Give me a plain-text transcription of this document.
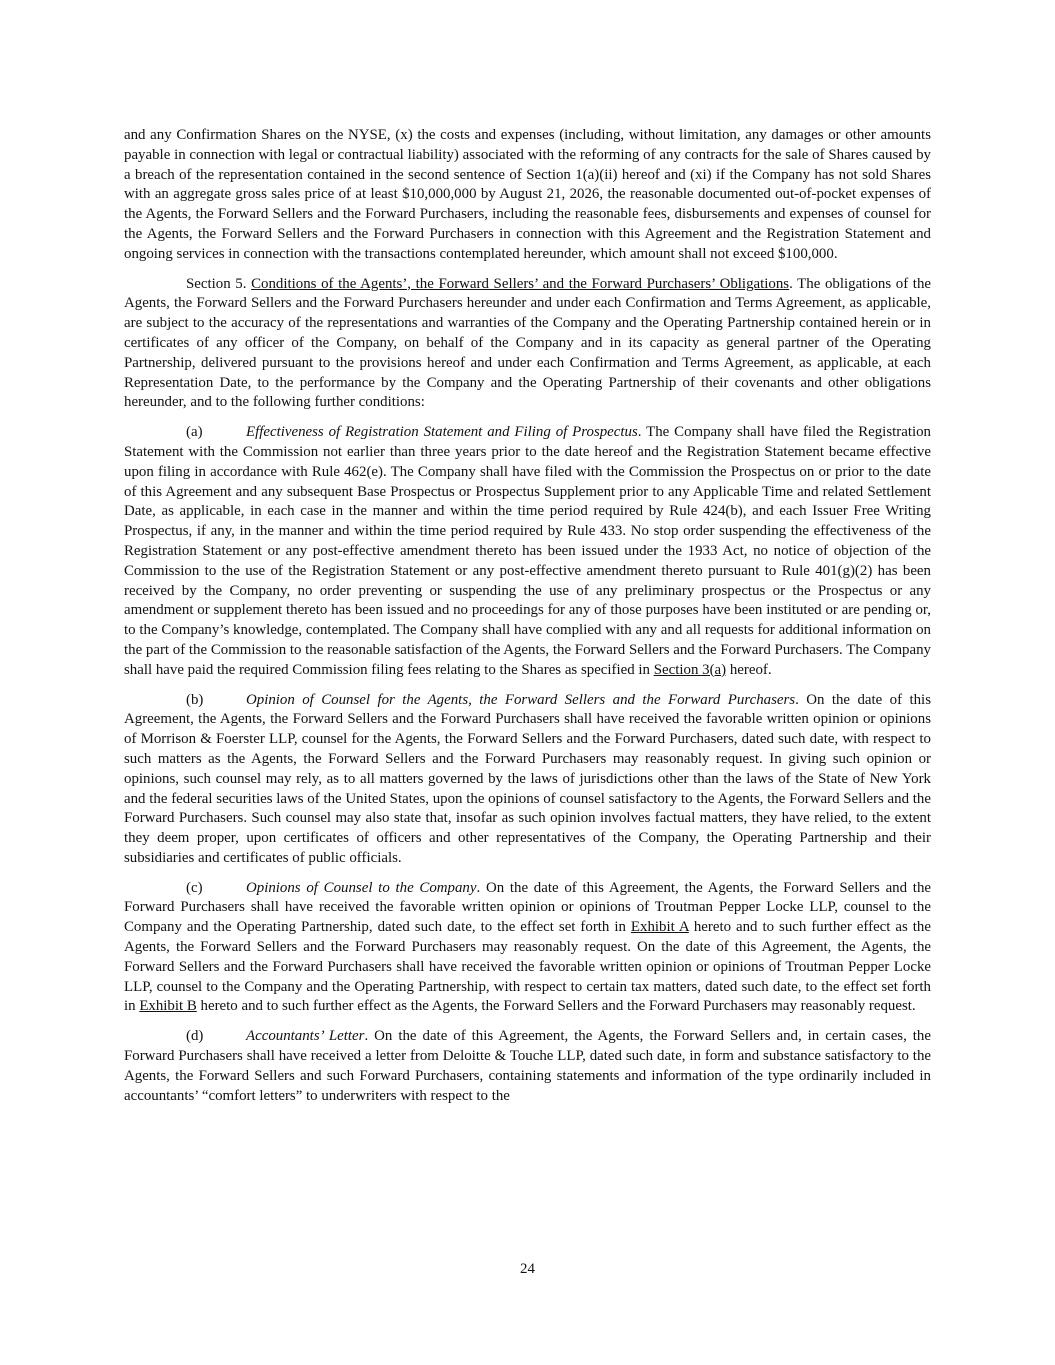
and any Confirmation Shares on the NYSE, (x) the costs and expenses (including, without limitation, any damages or other amounts payable in connection with legal or contractual liability) associated with the reforming of any contracts for the sale of Shares caused by a breach of the representation contained in the second sentence of Section 1(a)(ii) hereof and (xi) if the Company has not sold Shares with an aggregate gross sales price of at least $10,000,000 by August 21, 2026, the reasonable documented out-of-pocket expenses of the Agents, the Forward Sellers and the Forward Purchasers, including the reasonable fees, disbursements and expenses of counsel for the Agents, the Forward Sellers and the Forward Purchasers in connection with this Agreement and the Registration Statement and ongoing services in connection with the transactions contemplated hereunder, which amount shall not exceed $100,000.

Section 5. Conditions of the Agents’, the Forward Sellers’ and the Forward Purchasers’ Obligations. The obligations of the Agents, the Forward Sellers and the Forward Purchasers hereunder and under each Confirmation and Terms Agreement, as applicable, are subject to the accuracy of the representations and warranties of the Company and the Operating Partnership contained herein or in certificates of any officer of the Company, on behalf of the Company and in its capacity as general partner of the Operating Partnership, delivered pursuant to the provisions hereof and under each Confirmation and Terms Agreement, as applicable, at each Representation Date, to the performance by the Company and the Operating Partnership of their covenants and other obligations hereunder, and to the following further conditions:

(a)	Effectiveness of Registration Statement and Filing of Prospectus. The Company shall have filed the Registration Statement with the Commission not earlier than three years prior to the date hereof and the Registration Statement became effective upon filing in accordance with Rule 462(e). The Company shall have filed with the Commission the Prospectus on or prior to the date of this Agreement and any subsequent Base Prospectus or Prospectus Supplement prior to any Applicable Time and related Settlement Date, as applicable, in each case in the manner and within the time period required by Rule 424(b), and each Issuer Free Writing Prospectus, if any, in the manner and within the time period required by Rule 433. No stop order suspending the effectiveness of the Registration Statement or any post-effective amendment thereto has been issued under the 1933 Act, no notice of objection of the Commission to the use of the Registration Statement or any post-effective amendment thereto pursuant to Rule 401(g)(2) has been received by the Company, no order preventing or suspending the use of any preliminary prospectus or the Prospectus or any amendment or supplement thereto has been issued and no proceedings for any of those purposes have been instituted or are pending or, to the Company’s knowledge, contemplated. The Company shall have complied with any and all requests for additional information on the part of the Commission to the reasonable satisfaction of the Agents, the Forward Sellers and the Forward Purchasers. The Company shall have paid the required Commission filing fees relating to the Shares as specified in Section 3(a) hereof.

(b)	Opinion of Counsel for the Agents, the Forward Sellers and the Forward Purchasers. On the date of this Agreement, the Agents, the Forward Sellers and the Forward Purchasers shall have received the favorable written opinion or opinions of Morrison & Foerster LLP, counsel for the Agents, the Forward Sellers and the Forward Purchasers, dated such date, with respect to such matters as the Agents, the Forward Sellers and the Forward Purchasers may reasonably request. In giving such opinion or opinions, such counsel may rely, as to all matters governed by the laws of jurisdictions other than the laws of the State of New York and the federal securities laws of the United States, upon the opinions of counsel satisfactory to the Agents, the Forward Sellers and the Forward Purchasers. Such counsel may also state that, insofar as such opinion involves factual matters, they have relied, to the extent they deem proper, upon certificates of officers and other representatives of the Company, the Operating Partnership and their subsidiaries and certificates of public officials.

(c)	Opinions of Counsel to the Company. On the date of this Agreement, the Agents, the Forward Sellers and the Forward Purchasers shall have received the favorable written opinion or opinions of Troutman Pepper Locke LLP, counsel to the Company and the Operating Partnership, dated such date, to the effect set forth in Exhibit A hereto and to such further effect as the Agents, the Forward Sellers and the Forward Purchasers may reasonably request. On the date of this Agreement, the Agents, the Forward Sellers and the Forward Purchasers shall have received the favorable written opinion or opinions of Troutman Pepper Locke LLP, counsel to the Company and the Operating Partnership, with respect to certain tax matters, dated such date, to the effect set forth in Exhibit B hereto and to such further effect as the Agents, the Forward Sellers and the Forward Purchasers may reasonably request.

(d)	Accountants’ Letter. On the date of this Agreement, the Agents, the Forward Sellers and, in certain cases, the Forward Purchasers shall have received a letter from Deloitte & Touche LLP, dated such date, in form and substance satisfactory to the Agents, the Forward Sellers and such Forward Purchasers, containing statements and information of the type ordinarily included in accountants’ “comfort letters” to underwriters with respect to the

24
